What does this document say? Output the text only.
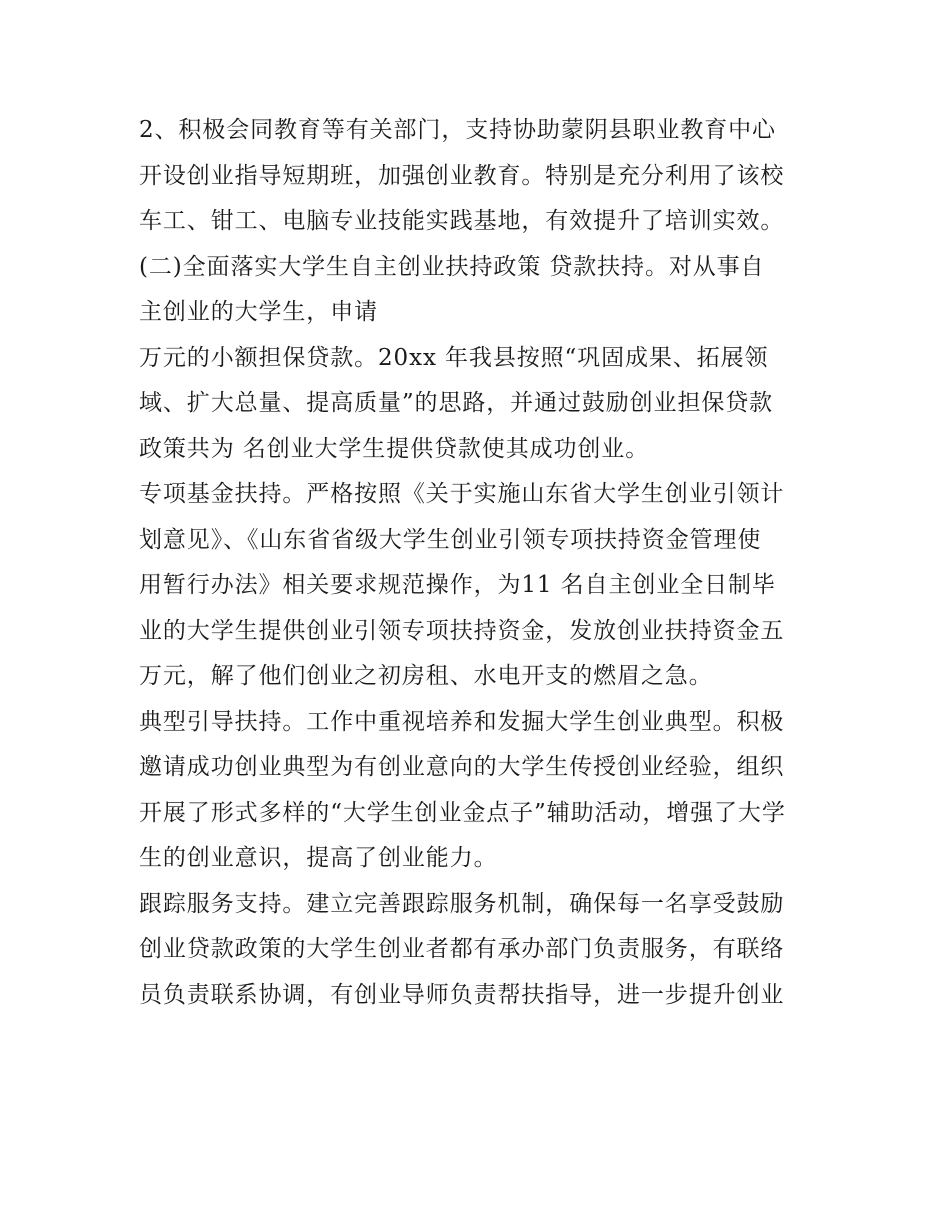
2、积极会同教育等有关部门，支持协助蒙阴县职业教育中心
开设创业指导短期班，加强创业教育。特别是充分利用了该校
车工、钳工、电脑专业技能实践基地，有效提升了培训实效。
(二)全面落实大学生自主创业扶持政策 贷款扶持。对从事自
主创业的大学生，申请
万元的小额担保贷款。20xx 年我县按照“巩固成果、拓展领
域、扩大总量、提高质量”的思路，并通过鼓励创业担保贷款
政策共为 名创业大学生提供贷款使其成功创业。
专项基金扶持。严格按照《关于实施山东省大学生创业引领计
划意见》、《山东省省级大学生创业引领专项扶持资金管理使
用暂行办法》相关要求规范操作，为11 名自主创业全日制毕
业的大学生提供创业引领专项扶持资金，发放创业扶持资金五
万元，解了他们创业之初房租、水电开支的燃眉之急。
典型引导扶持。工作中重视培养和发掘大学生创业典型。积极
邀请成功创业典型为有创业意向的大学生传授创业经验，组织
开展了形式多样的“大学生创业金点子”辅助活动，增强了大学
生的创业意识，提高了创业能力。
跟踪服务支持。建立完善跟踪服务机制，确保每一名享受鼓励
创业贷款政策的大学生创业者都有承办部门负责服务，有联络
员负责联系协调，有创业导师负责帮扶指导，进一步提升创业
